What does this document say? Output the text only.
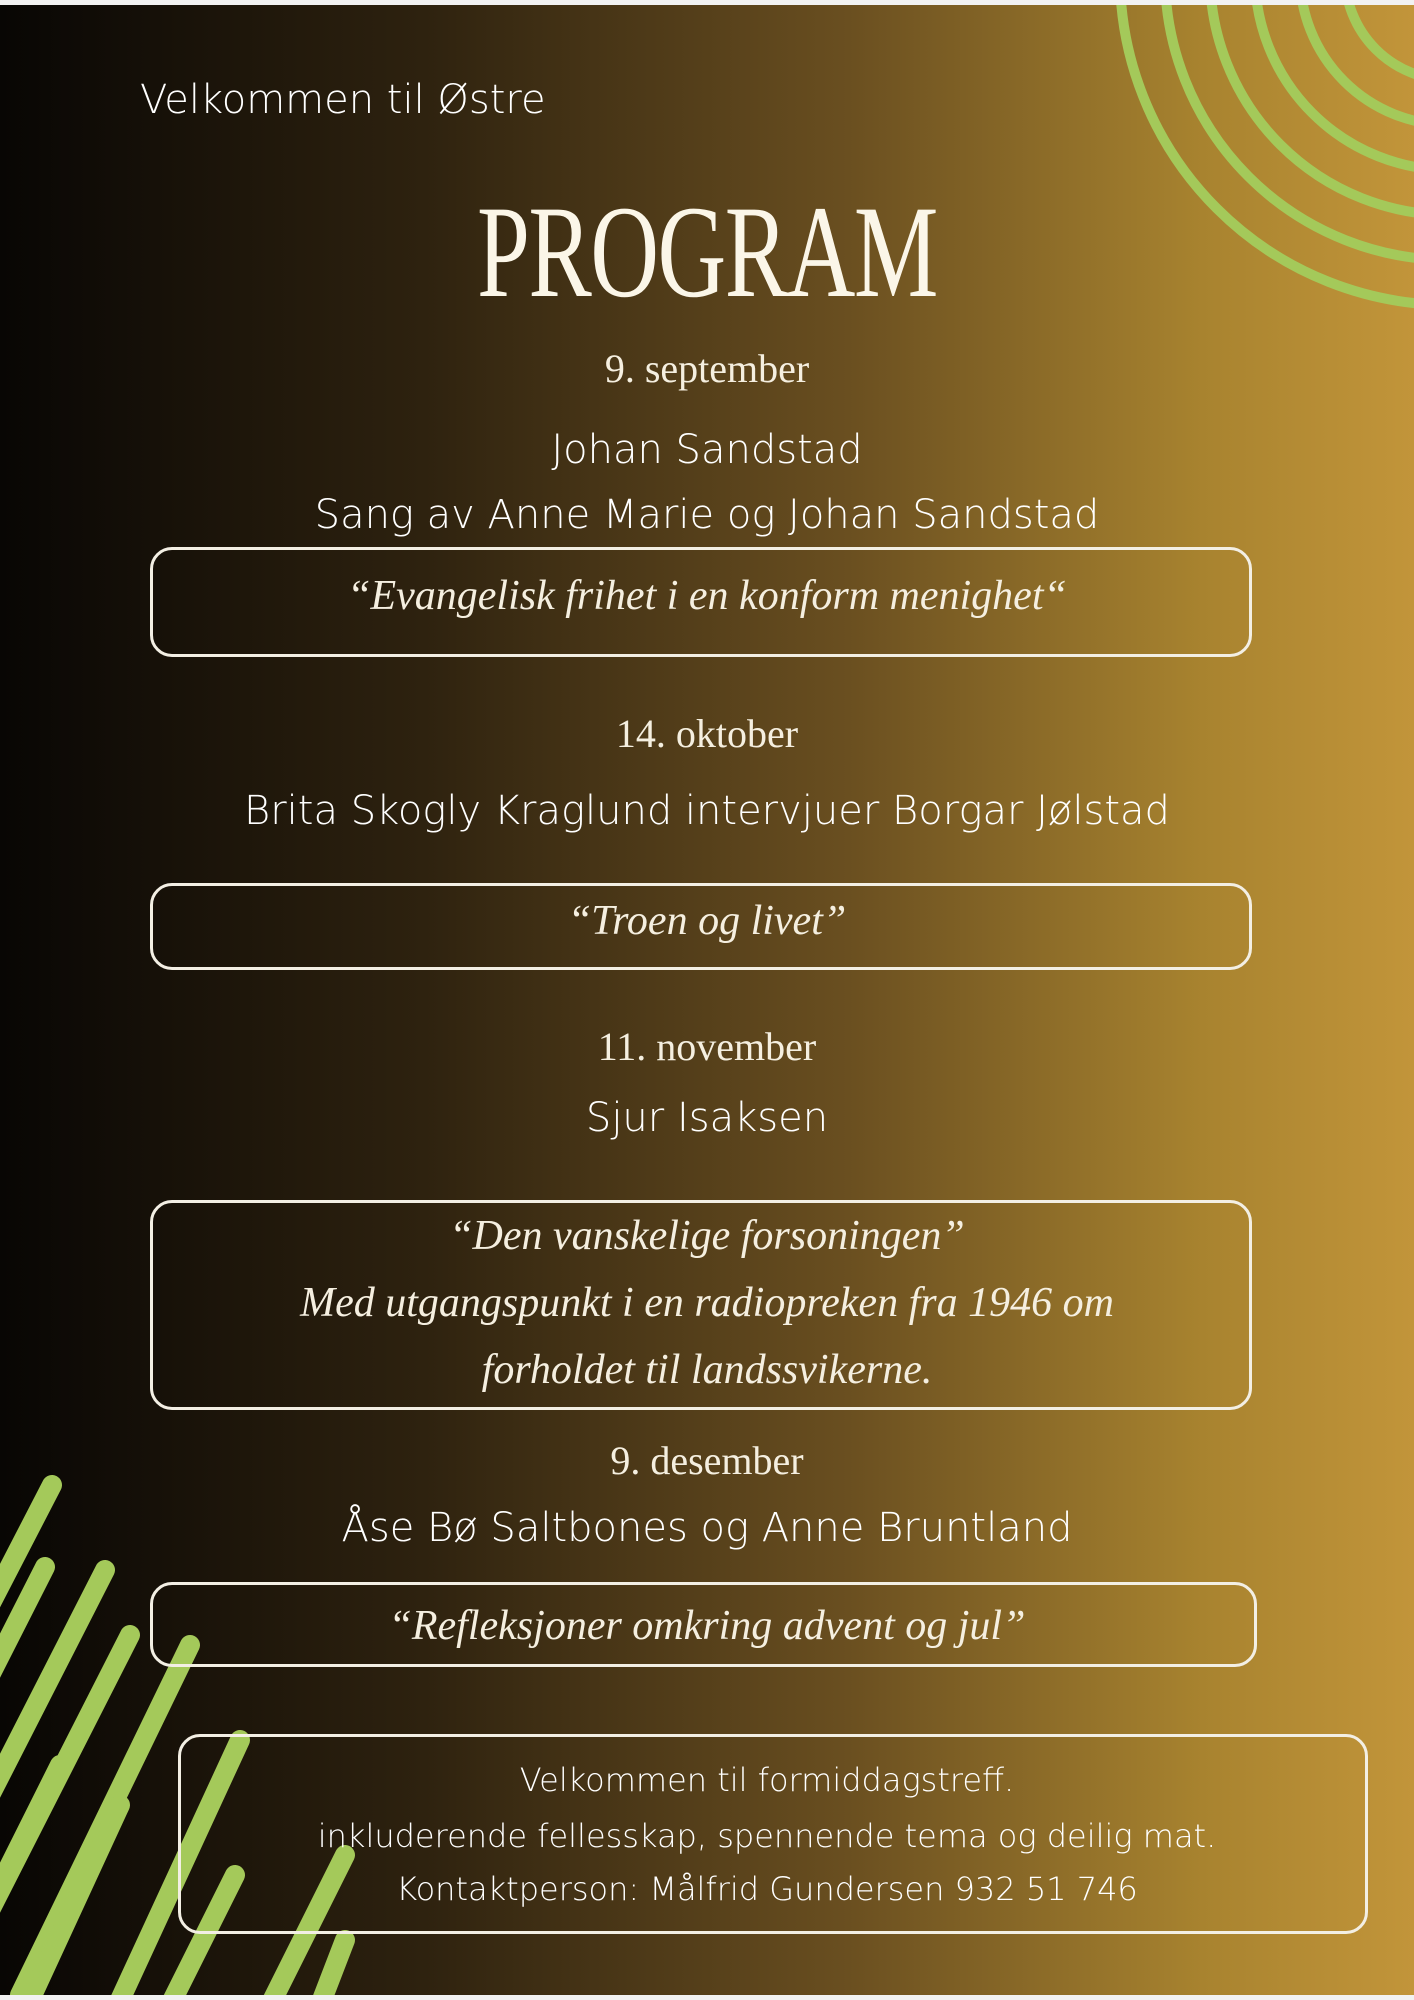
Velkommen til Østre
PROGRAM
9. september
Johan Sandstad
Sang av Anne Marie og Johan Sandstad
“Evangelisk frihet i en konform menighet“
14. oktober
Brita Skogly Kraglund intervjuer Borgar Jølstad
“Troen og livet”
11. november
Sjur Isaksen
“Den vanskelige forsoningen”
Med utgangspunkt i en radiopreken fra 1946 om
forholdet til landssvikerne.
9. desember
Åse Bø Saltbones og Anne Bruntland
“Refleksjoner omkring advent og jul”
Velkommen til formiddagstreff.
inkluderende fellesskap, spennende tema og deilig mat.
Kontaktperson: Målfrid Gundersen 932 51 746
